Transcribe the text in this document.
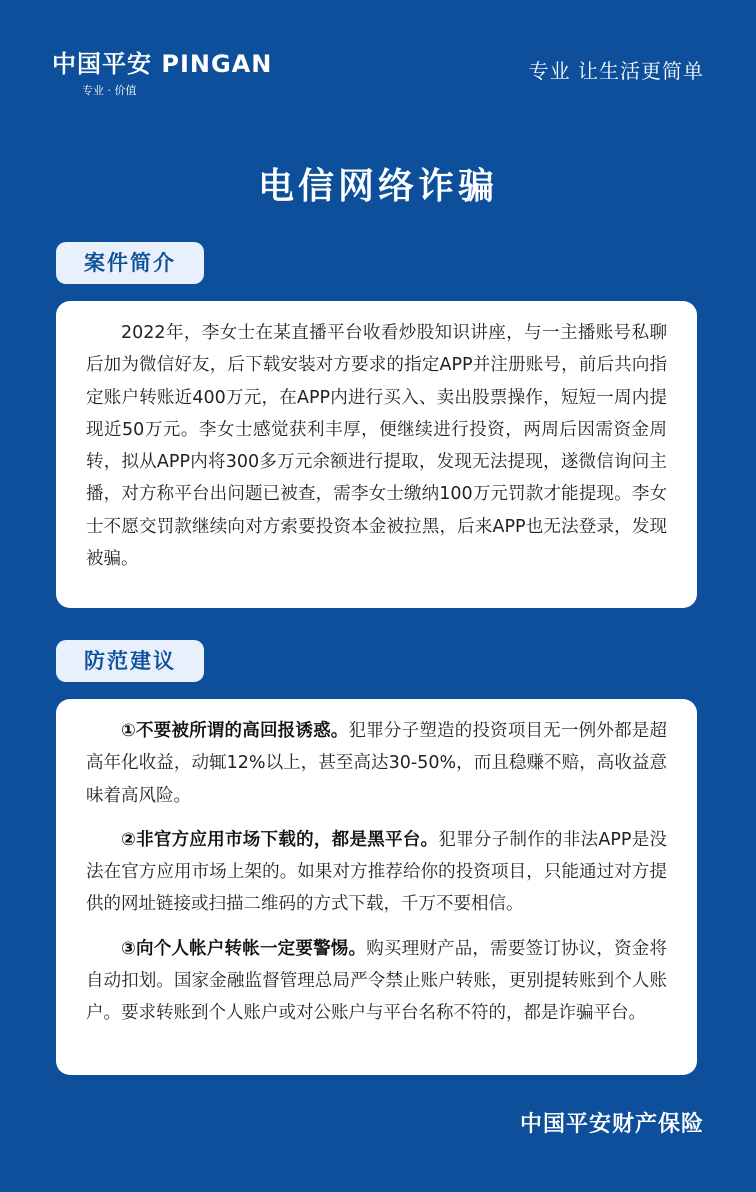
中国平安 PINGAN
专业 · 价值
专业 让生活更简单
电信网络诈骗
案件简介

2022年，李女士在某直播平台收看炒股知识讲座，与一主播账号私聊后加为微信好友，后下载安装对方要求的指定APP并注册账号，前后共向指定账户转账近400万元，在APP内进行买入、卖出股票操作，短短一周内提现近50万元。李女士感觉获利丰厚，便继续进行投资，两周后因需资金周转，拟从APP内将300多万元余额进行提取，发现无法提现，遂微信询问主播，对方称平台出问题已被查，需李女士缴纳100万元罚款才能提现。李女士不愿交罚款继续向对方索要投资本金被拉黑，后来APP也无法登录，发现被骗。

防范建议

①不要被所谓的高回报诱惑。犯罪分子塑造的投资项目无一例外都是超高年化收益，动辄12%以上，甚至高达30-50%，而且稳赚不赔，高收益意味着高风险。

②非官方应用市场下载的，都是黑平台。犯罪分子制作的非法APP是没法在官方应用市场上架的。如果对方推荐给你的投资项目，只能通过对方提供的网址链接或扫描二维码的方式下载，千万不要相信。

③向个人帐户转帐一定要警惕。购买理财产品，需要签订协议，资金将自动扣划。国家金融监督管理总局严令禁止账户转账，更别提转账到个人账户。要求转账到个人账户或对公账户与平台名称不符的，都是诈骗平台。

中国平安财产保险
